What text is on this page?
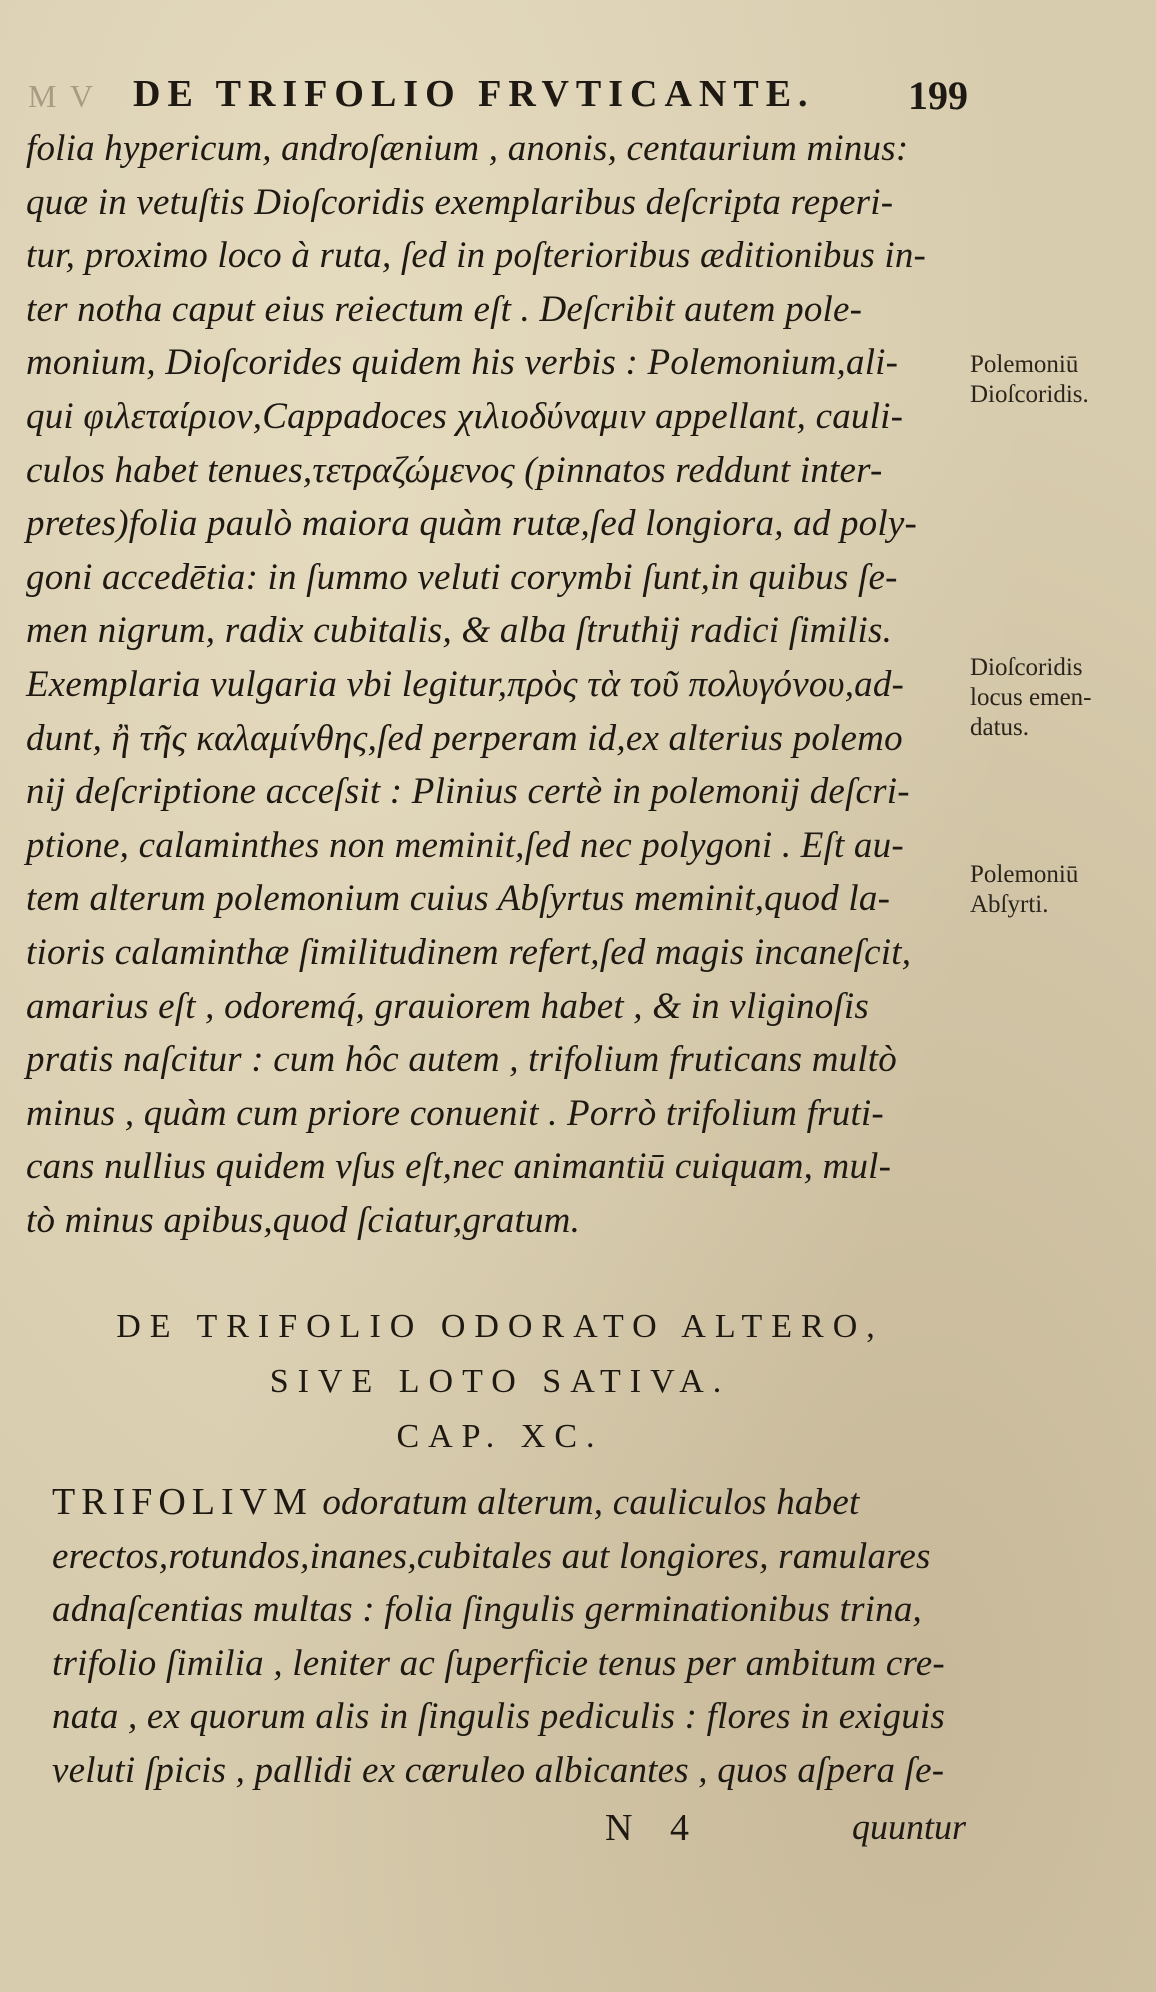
M V DE TRIFOLIO FRVTICANTE. 199
folia hypericum, androſænium , anonis, centaurium minus:
quæ in vetuſtis Dioſcoridis exemplaribus deſcripta reperi-
tur, proximo loco à ruta, ſed in poſterioribus æditionibus in-
ter notha caput eius reiectum eſt . Deſcribit autem pole-
monium, Dioſcorides quidem his verbis : Polemonium,ali-
qui φιλεταίριον,Cappadoces χιλιοδύναμιν appellant, cauli-
culos habet tenues,τετραζώμενος (pinnatos reddunt inter-
pretes)folia paulò maiora quàm rutæ,ſed longiora, ad poly-
goni accedētia: in ſummo veluti corymbi ſunt,in quibus ſe-
men nigrum, radix cubitalis, & alba ſtruthij radici ſimilis.
Exemplaria vulgaria vbi legitur,πρὸς τὰ τοῦ πολυγόνου,ad-
dunt, ἢ τῆς καλαμίνθης,ſed perperam id,ex alterius polemo
nij deſcriptione acceſsit : Plinius certè in polemonij deſcri-
ptione, calaminthes non meminit,ſed nec polygoni . Eſt au-
tem alterum polemonium cuius Abſyrtus meminit,quod la-
tioris calaminthæ ſimilitudinem refert,ſed magis incaneſcit,
amarius eſt , odoremq́, grauiorem habet , & in vliginoſis
pratis naſcitur : cum hôc autem , trifolium fruticans multò
minus , quàm cum priore conuenit . Porrò trifolium fruti-
cans nullius quidem vſus eſt,nec animantiū cuiquam, mul-
tò minus apibus,quod ſciatur,gratum.
Polemoniū
Dioſcoridis.
Dioſcoridis
locus emen-
datus.
Polemoniū
Abſyrti.
DE TRIFOLIO ODORATO ALTERO,
SIVE LOTO SATIVA.
CAP. XC.
TRIFOLIVM odoratum alterum, cauliculos habet
erectos,rotundos,inanes,cubitales aut longiores, ramulares
adnaſcentias multas : folia ſingulis germinationibus trina,
trifolio ſimilia , leniter ac ſuperficie tenus per ambitum cre-
nata , ex quorum alis in ſingulis pediculis : flores in exiguis
veluti ſpicis , pallidi ex cæruleo albicantes , quos aſpera ſe-
N 4	quuntur
